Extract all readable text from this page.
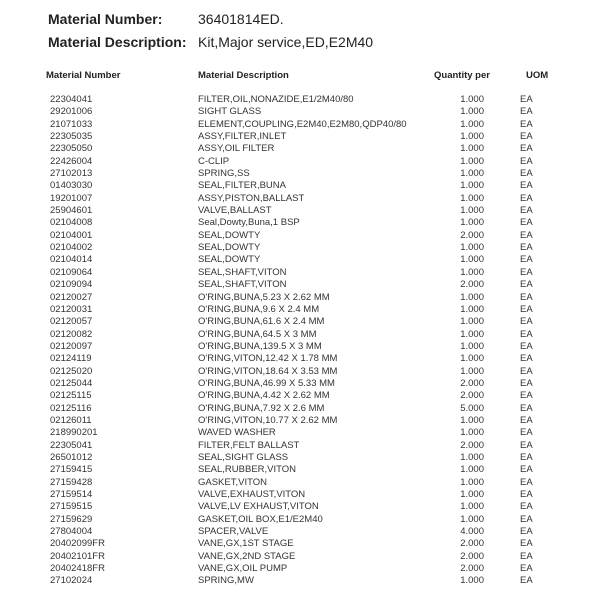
Material Number:	36401814ED.
Material Description: Kit,Major service,ED,E2M40
Material Number	Material Description	Quantity per	UOM
22304041	FILTER,OIL,NONAZIDE,E1/2M40/80	1.000	EA
29201006	SIGHT GLASS	1.000	EA
21071033	ELEMENT,COUPLING,E2M40,E2M80,QDP40/80	1.000	EA
22305035	ASSY,FILTER,INLET	1.000	EA
22305050	ASSY,OIL FILTER	1.000	EA
22426004	C-CLIP	1.000	EA
27102013	SPRING,SS	1.000	EA
01403030	SEAL,FILTER,BUNA	1.000	EA
19201007	ASSY,PISTON,BALLAST	1.000	EA
25904601	VALVE,BALLAST	1.000	EA
02104008	Seal,Dowty,Buna,1 BSP	1.000	EA
02104001	SEAL,DOWTY	2.000	EA
02104002	SEAL,DOWTY	1.000	EA
02104014	SEAL,DOWTY	1.000	EA
02109064	SEAL,SHAFT,VITON	1.000	EA
02109094	SEAL,SHAFT,VITON	2.000	EA
02120027	O'RING,BUNA,5.23 X 2.62 MM	1.000	EA
02120031	O'RING,BUNA,9.6 X 2.4 MM	1.000	EA
02120057	O'RING,BUNA,61.6 X 2.4 MM	1.000	EA
02120082	O'RING,BUNA,64.5 X 3 MM	1.000	EA
02120097	O'RING,BUNA,139.5 X 3 MM	1.000	EA
02124119	O'RING,VITON,12.42 X 1.78 MM	1.000	EA
02125020	O'RING,VITON,18.64 X 3.53 MM	1.000	EA
02125044	O'RING,BUNA,46.99 X 5.33 MM	2.000	EA
02125115	O'RING,BUNA,4.42 X 2.62 MM	2.000	EA
02125116	O'RING,BUNA,7.92 X 2.6 MM	5.000	EA
02126011	O'RING,VITON,10.77 X 2.62 MM	1.000	EA
218990201	WAVED WASHER	1.000	EA
22305041	FILTER,FELT BALLAST	2.000	EA
26501012	SEAL,SIGHT GLASS	1.000	EA
27159415	SEAL,RUBBER,VITON	1.000	EA
27159428	GASKET,VITON	1.000	EA
27159514	VALVE,EXHAUST,VITON	1.000	EA
27159515	VALVE,LV EXHAUST,VITON	1.000	EA
27159629	GASKET,OIL BOX,E1/E2M40	1.000	EA
27804004	SPACER,VALVE	4.000	EA
20402099FR	VANE,GX,1ST STAGE	2.000	EA
20402101FR	VANE,GX,2ND STAGE	2.000	EA
20402418FR	VANE,GX,OIL PUMP	2.000	EA
27102024	SPRING,MW	1.000	EA
